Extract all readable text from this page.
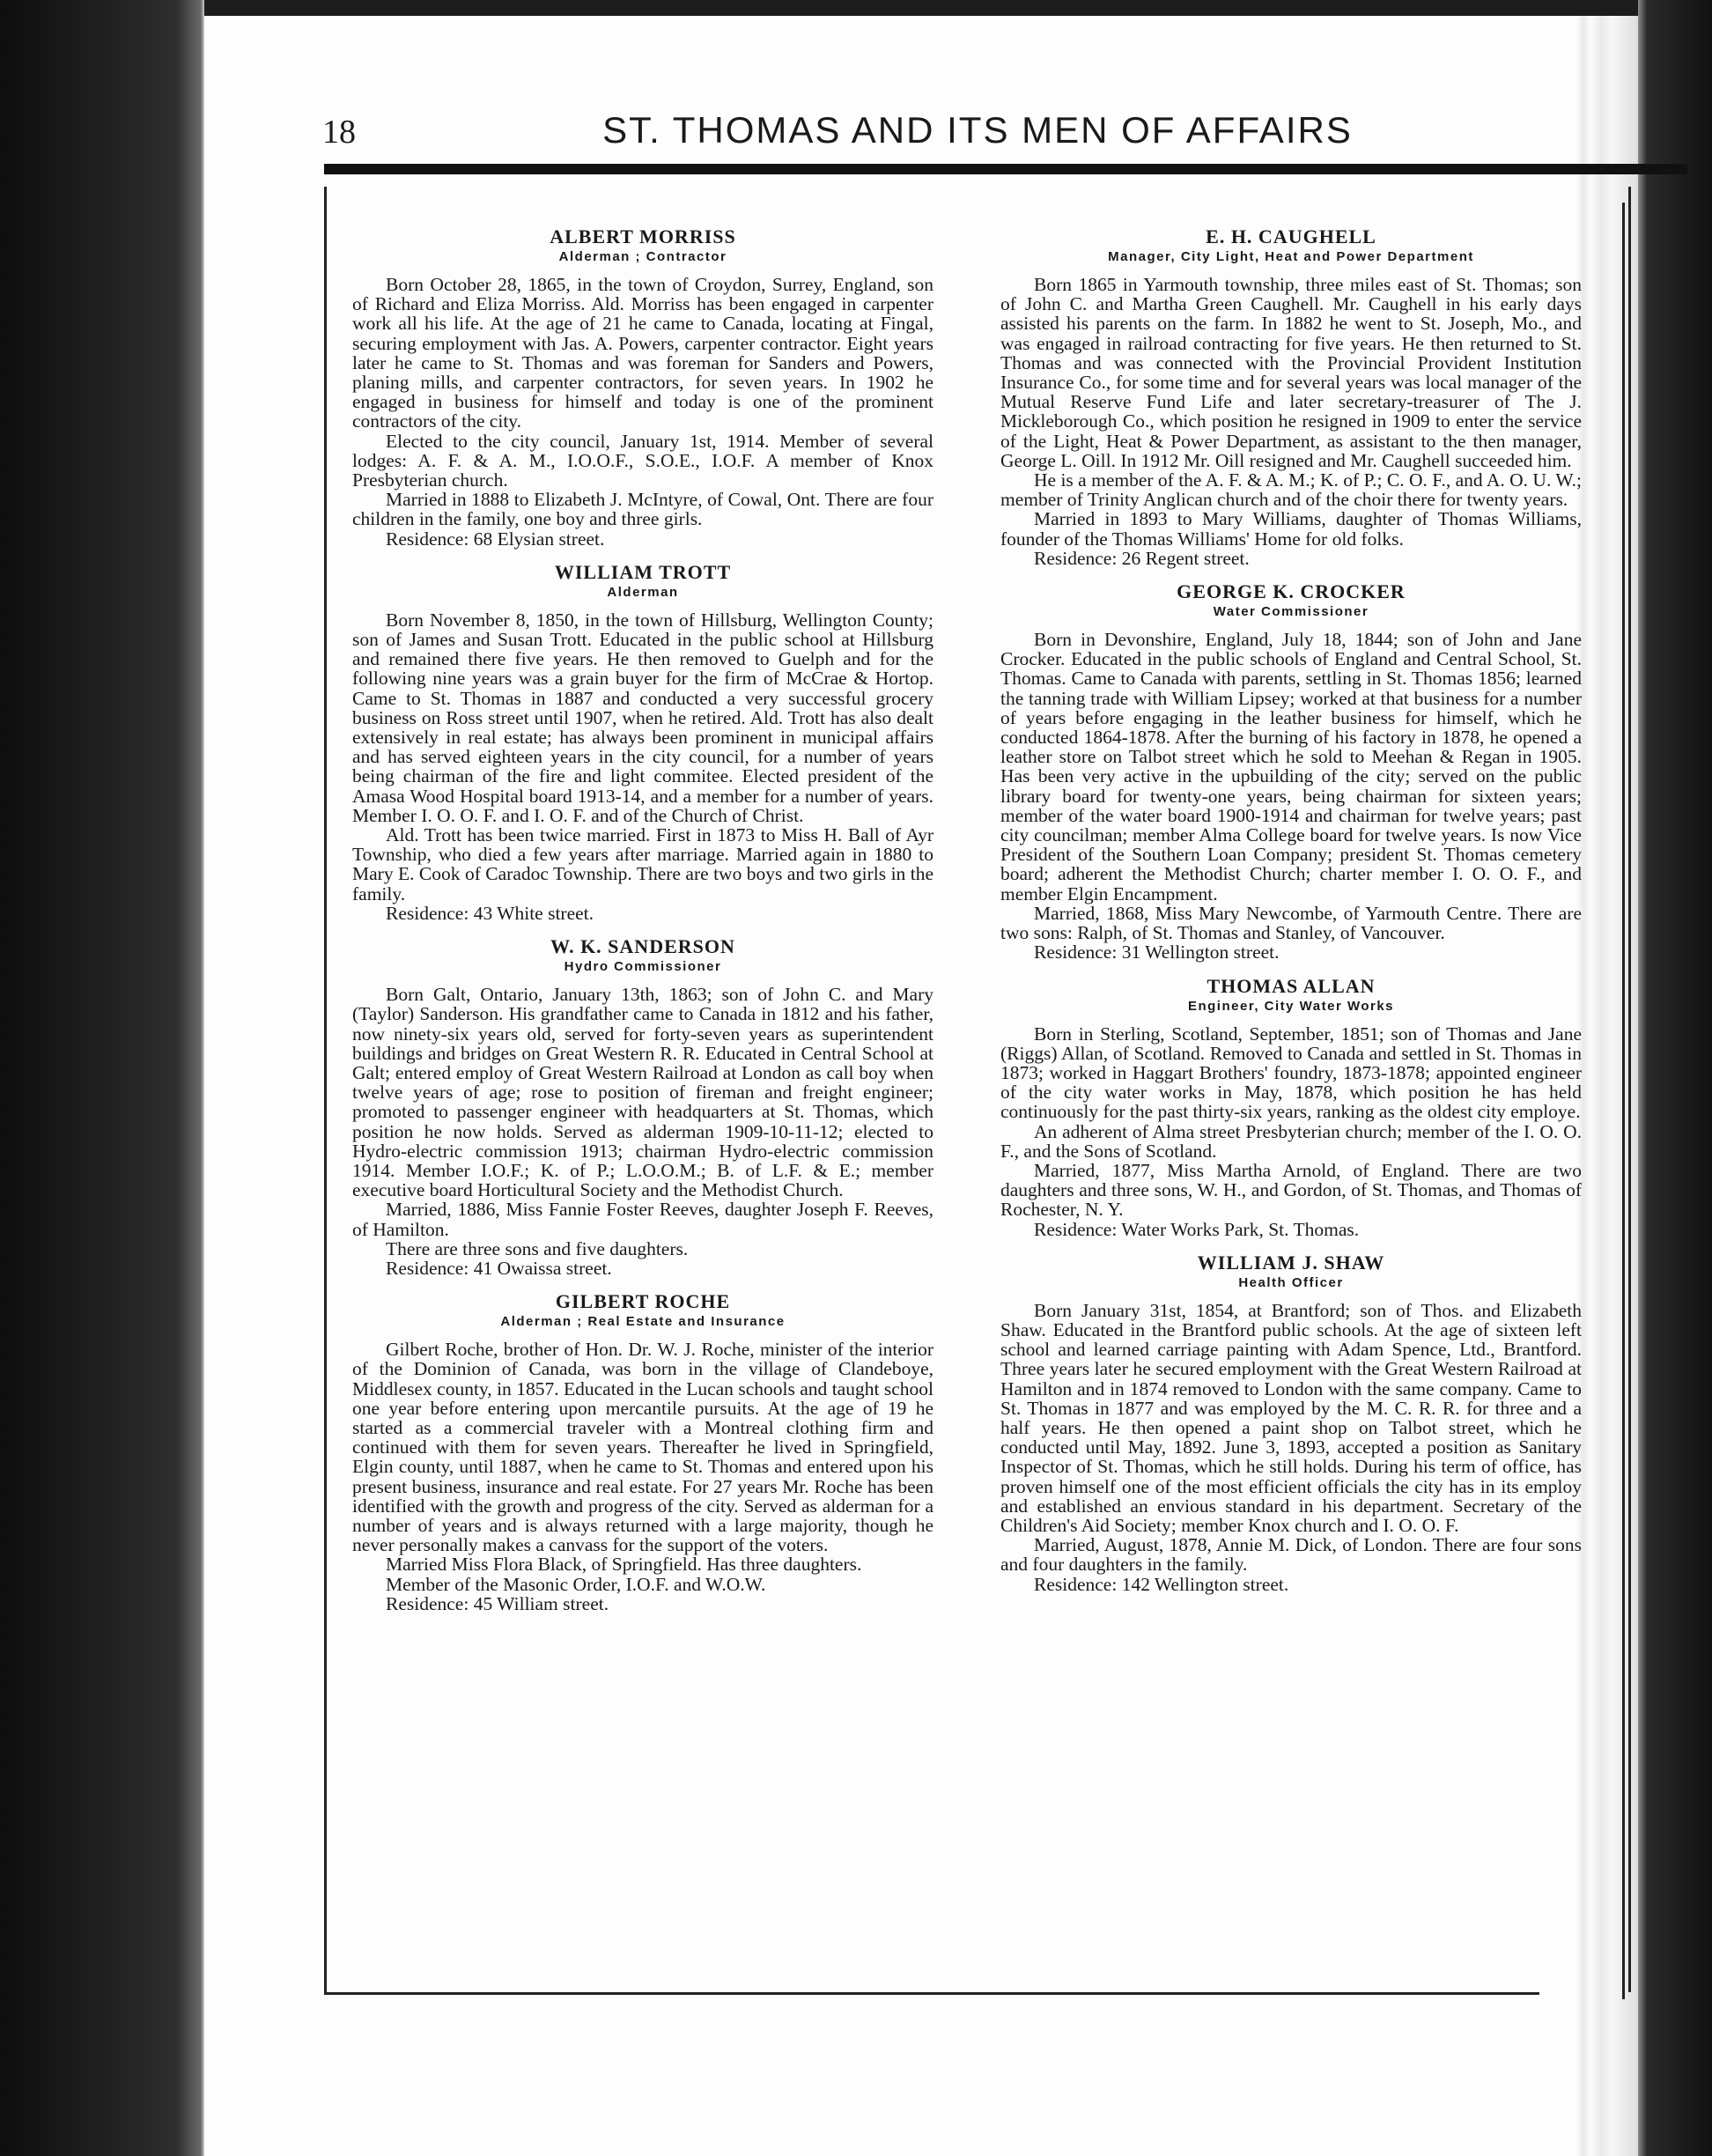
18	ST. THOMAS AND ITS MEN OF AFFAIRS
ALBERT MORRISS
Alderman ; Contractor

Born October 28, 1865, in the town of Croydon, Surrey, England, son of Richard and Eliza Morriss. Ald. Morriss has been engaged in carpenter work all his life. At the age of 21 he came to Canada, locating at Fingal, securing employment with Jas. A. Powers, carpenter contractor. Eight years later he came to St. Thomas and was foreman for Sanders and Powers, planing mills, and carpenter contractors, for seven years. In 1902 he engaged in business for himself and today is one of the prominent contractors of the city.

Elected to the city council, January 1st, 1914. Member of several lodges: A. F. & A. M., I.O.O.F., S.O.E., I.O.F. A member of Knox Presbyterian church.

Married in 1888 to Elizabeth J. McIntyre, of Cowal, Ont. There are four children in the family, one boy and three girls.

Residence: 68 Elysian street.

WILLIAM TROTT
Alderman

Born November 8, 1850, in the town of Hillsburg, Wellington County; son of James and Susan Trott. Educated in the public school at Hillsburg and remained there five years. He then removed to Guelph and for the following nine years was a grain buyer for the firm of McCrae & Hortop. Came to St. Thomas in 1887 and conducted a very successful grocery business on Ross street until 1907, when he retired. Ald. Trott has also dealt extensively in real estate; has always been prominent in municipal affairs and has served eighteen years in the city council, for a number of years being chairman of the fire and light commitee. Elected president of the Amasa Wood Hospital board 1913-14, and a member for a number of years. Member I. O. O. F. and I. O. F. and of the Church of Christ.

Ald. Trott has been twice married. First in 1873 to Miss H. Ball of Ayr Township, who died a few years after marriage. Married again in 1880 to Mary E. Cook of Caradoc Township. There are two boys and two girls in the family.

Residence: 43 White street.

W. K. SANDERSON
Hydro Commissioner

Born Galt, Ontario, January 13th, 1863; son of John C. and Mary (Taylor) Sanderson. His grandfather came to Canada in 1812 and his father, now ninety-six years old, served for forty-seven years as superintendent buildings and bridges on Great Western R. R. Educated in Central School at Galt; entered employ of Great Western Railroad at London as call boy when twelve years of age; rose to position of fireman and freight engineer; promoted to passenger engineer with headquarters at St. Thomas, which position he now holds. Served as alderman 1909-10-11-12; elected to Hydro-electric commission 1913; chairman Hydro-electric commission 1914. Member I.O.F.; K. of P.; L.O.O.M.; B. of L.F. & E.; member executive board Horticultural Society and the Methodist Church.

Married, 1886, Miss Fannie Foster Reeves, daughter Joseph F. Reeves, of Hamilton.

There are three sons and five daughters.

Residence: 41 Owaissa street.

GILBERT ROCHE
Alderman ; Real Estate and Insurance

Gilbert Roche, brother of Hon. Dr. W. J. Roche, minister of the interior of the Dominion of Canada, was born in the village of Clandeboye, Middlesex county, in 1857. Educated in the Lucan schools and taught school one year before entering upon mercantile pursuits. At the age of 19 he started as a commercial traveler with a Montreal clothing firm and continued with them for seven years. Thereafter he lived in Springfield, Elgin county, until 1887, when he came to St. Thomas and entered upon his present business, insurance and real estate. For 27 years Mr. Roche has been identified with the growth and progress of the city. Served as alderman for a number of years and is always returned with a large majority, though he never personally makes a canvass for the support of the voters.

Married Miss Flora Black, of Springfield. Has three daughters.

Member of the Masonic Order, I.O.F. and W.O.W.

Residence: 45 William street.

E. H. CAUGHELL
Manager, City Light, Heat and Power Department

Born 1865 in Yarmouth township, three miles east of St. Thomas; son of John C. and Martha Green Caughell. Mr. Caughell in his early days assisted his parents on the farm. In 1882 he went to St. Joseph, Mo., and was engaged in railroad contracting for five years. He then returned to St. Thomas and was connected with the Provincial Provident Institution Insurance Co., for some time and for several years was local manager of the Mutual Reserve Fund Life and later secretary-treasurer of The J. Mickleborough Co., which position he resigned in 1909 to enter the service of the Light, Heat & Power Department, as assistant to the then manager, George L. Oill. In 1912 Mr. Oill resigned and Mr. Caughell succeeded him.

He is a member of the A. F. & A. M.; K. of P.; C. O. F., and A. O. U. W.; member of Trinity Anglican church and of the choir there for twenty years.

Married in 1893 to Mary Williams, daughter of Thomas Williams, founder of the Thomas Williams' Home for old folks.

Residence: 26 Regent street.

GEORGE K. CROCKER
Water Commissioner

Born in Devonshire, England, July 18, 1844; son of John and Jane Crocker. Educated in the public schools of England and Central School, St. Thomas. Came to Canada with parents, settling in St. Thomas 1856; learned the tanning trade with William Lipsey; worked at that business for a number of years before engaging in the leather business for himself, which he conducted 1864-1878. After the burning of his factory in 1878, he opened a leather store on Talbot street which he sold to Meehan & Regan in 1905. Has been very active in the upbuilding of the city; served on the public library board for twenty-one years, being chairman for sixteen years; member of the water board 1900-1914 and chairman for twelve years; past city councilman; member Alma College board for twelve years. Is now Vice President of the Southern Loan Company; president St. Thomas cemetery board; adherent the Methodist Church; charter member I. O. O. F., and member Elgin Encampment.

Married, 1868, Miss Mary Newcombe, of Yarmouth Centre. There are two sons: Ralph, of St. Thomas and Stanley, of Vancouver.

Residence: 31 Wellington street.

THOMAS ALLAN
Engineer, City Water Works

Born in Sterling, Scotland, September, 1851; son of Thomas and Jane (Riggs) Allan, of Scotland. Removed to Canada and settled in St. Thomas in 1873; worked in Haggart Brothers' foundry, 1873-1878; appointed engineer of the city water works in May, 1878, which position he has held continuously for the past thirty-six years, ranking as the oldest city employe.

An adherent of Alma street Presbyterian church; member of the I. O. O. F., and the Sons of Scotland.

Married, 1877, Miss Martha Arnold, of England. There are two daughters and three sons, W. H., and Gordon, of St. Thomas, and Thomas of Rochester, N. Y.

Residence: Water Works Park, St. Thomas.

WILLIAM J. SHAW
Health Officer

Born January 31st, 1854, at Brantford; son of Thos. and Elizabeth Shaw. Educated in the Brantford public schools. At the age of sixteen left school and learned carriage painting with Adam Spence, Ltd., Brantford. Three years later he secured employment with the Great Western Railroad at Hamilton and in 1874 removed to London with the same company. Came to St. Thomas in 1877 and was employed by the M. C. R. R. for three and a half years. He then opened a paint shop on Talbot street, which he conducted until May, 1892. June 3, 1893, accepted a position as Sanitary Inspector of St. Thomas, which he still holds. During his term of office, has proven himself one of the most efficient officials the city has in its employ and established an envious standard in his department. Secretary of the Children's Aid Society; member Knox church and I. O. O. F.

Married, August, 1878, Annie M. Dick, of London. There are four sons and four daughters in the family.

Residence: 142 Wellington street.
